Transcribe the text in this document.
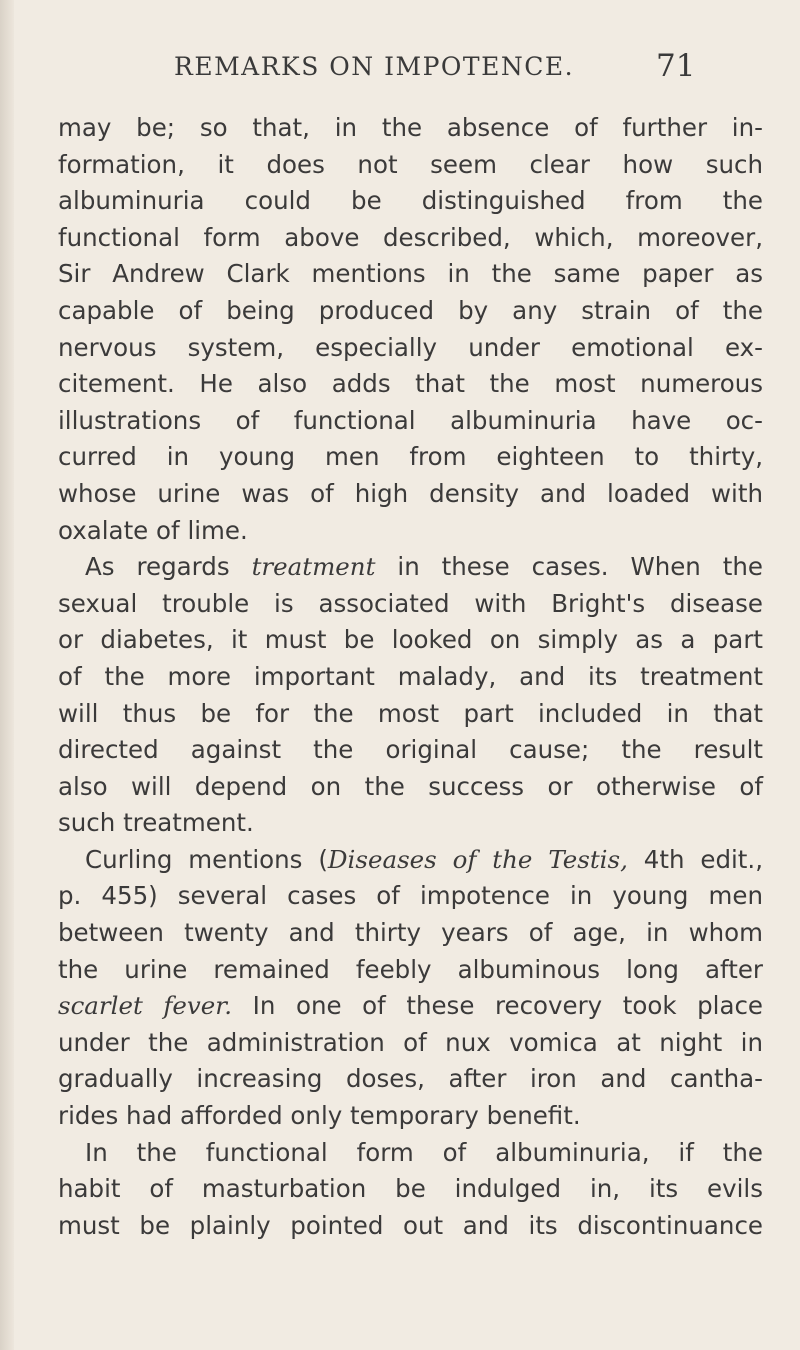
REMARKS ON IMPOTENCE.	71
may be; so that, in the absence of further in-
formation, it does not seem clear how such
albuminuria could be distinguished from the
functional form above described, which, moreover,
Sir Andrew Clark mentions in the same paper as
capable of being produced by any strain of the
nervous system, especially under emotional ex-
citement. He also adds that the most numerous
illustrations of functional albuminuria have oc-
curred in young men from eighteen to thirty,
whose urine was of high density and loaded with
oxalate of lime.
As regards treatment in these cases. When the
sexual trouble is associated with Bright's disease
or diabetes, it must be looked on simply as a part
of the more important malady, and its treatment
will thus be for the most part included in that
directed against the original cause; the result
also will depend on the success or otherwise of
such treatment.
Curling mentions (Diseases of the Testis, 4th edit.,
p. 455) several cases of impotence in young men
between twenty and thirty years of age, in whom
the urine remained feebly albuminous long after
scarlet fever. In one of these recovery took place
under the administration of nux vomica at night in
gradually increasing doses, after iron and cantha-
rides had afforded only temporary benefit.
In the functional form of albuminuria, if the
habit of masturbation be indulged in, its evils
must be plainly pointed out and its discontinuance
